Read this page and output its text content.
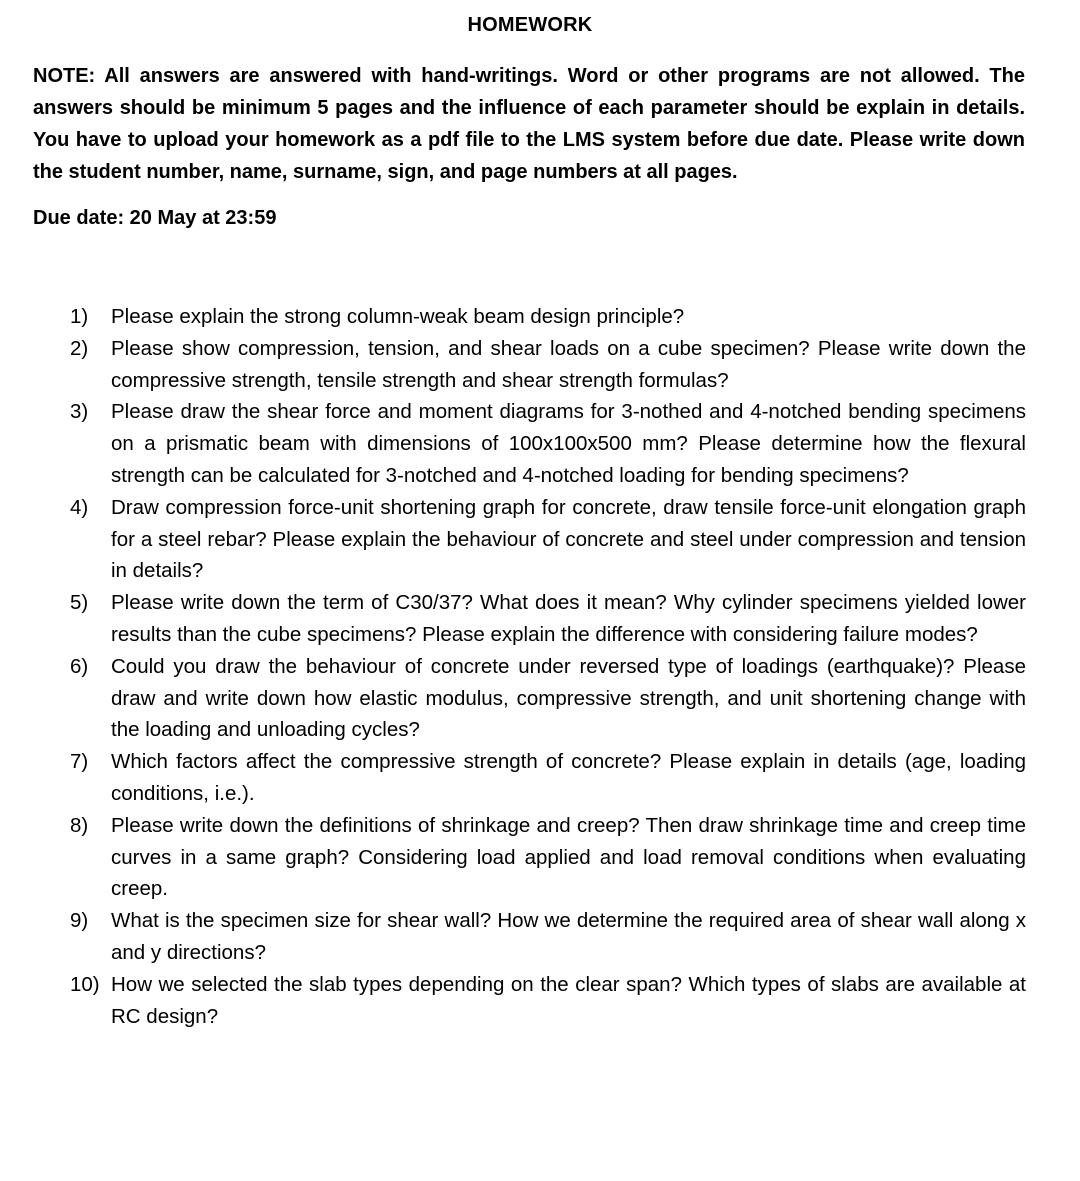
HOMEWORK
NOTE: All answers are answered with hand-writings. Word or other programs are not allowed. The answers should be minimum 5 pages and the influence of each parameter should be explain in details. You have to upload your homework as a pdf file to the LMS system before due date. Please write down the student number, name, surname, sign, and page numbers at all pages.
Due date: 20 May at 23:59
1)	Please explain the strong column-weak beam design principle?
2)	Please show compression, tension, and shear loads on a cube specimen? Please write down the compressive strength, tensile strength and shear strength formulas?
3)	Please draw the shear force and moment diagrams for 3-nothed and 4-notched bending specimens on a prismatic beam with dimensions of 100x100x500 mm? Please determine how the flexural strength can be calculated for 3-notched and 4-notched loading for bending specimens?
4)	Draw compression force-unit shortening graph for concrete, draw tensile force-unit elongation graph for a steel rebar? Please explain the behaviour of concrete and steel under compression and tension in details?
5)	Please write down the term of C30/37? What does it mean? Why cylinder specimens yielded lower results than the cube specimens? Please explain the difference with considering failure modes?
6)	Could you draw the behaviour of concrete under reversed type of loadings (earthquake)? Please draw and write down how elastic modulus, compressive strength, and unit shortening change with the loading and unloading cycles?
7)	Which factors affect the compressive strength of concrete? Please explain in details (age, loading conditions, i.e.).
8)	Please write down the definitions of shrinkage and creep? Then draw shrinkage time and creep time curves in a same graph? Considering load applied and load removal conditions when evaluating creep.
9)	What is the specimen size for shear wall? How we determine the required area of shear wall along x and y directions?
10) How we selected the slab types depending on the clear span? Which types of slabs are available at RC design?
